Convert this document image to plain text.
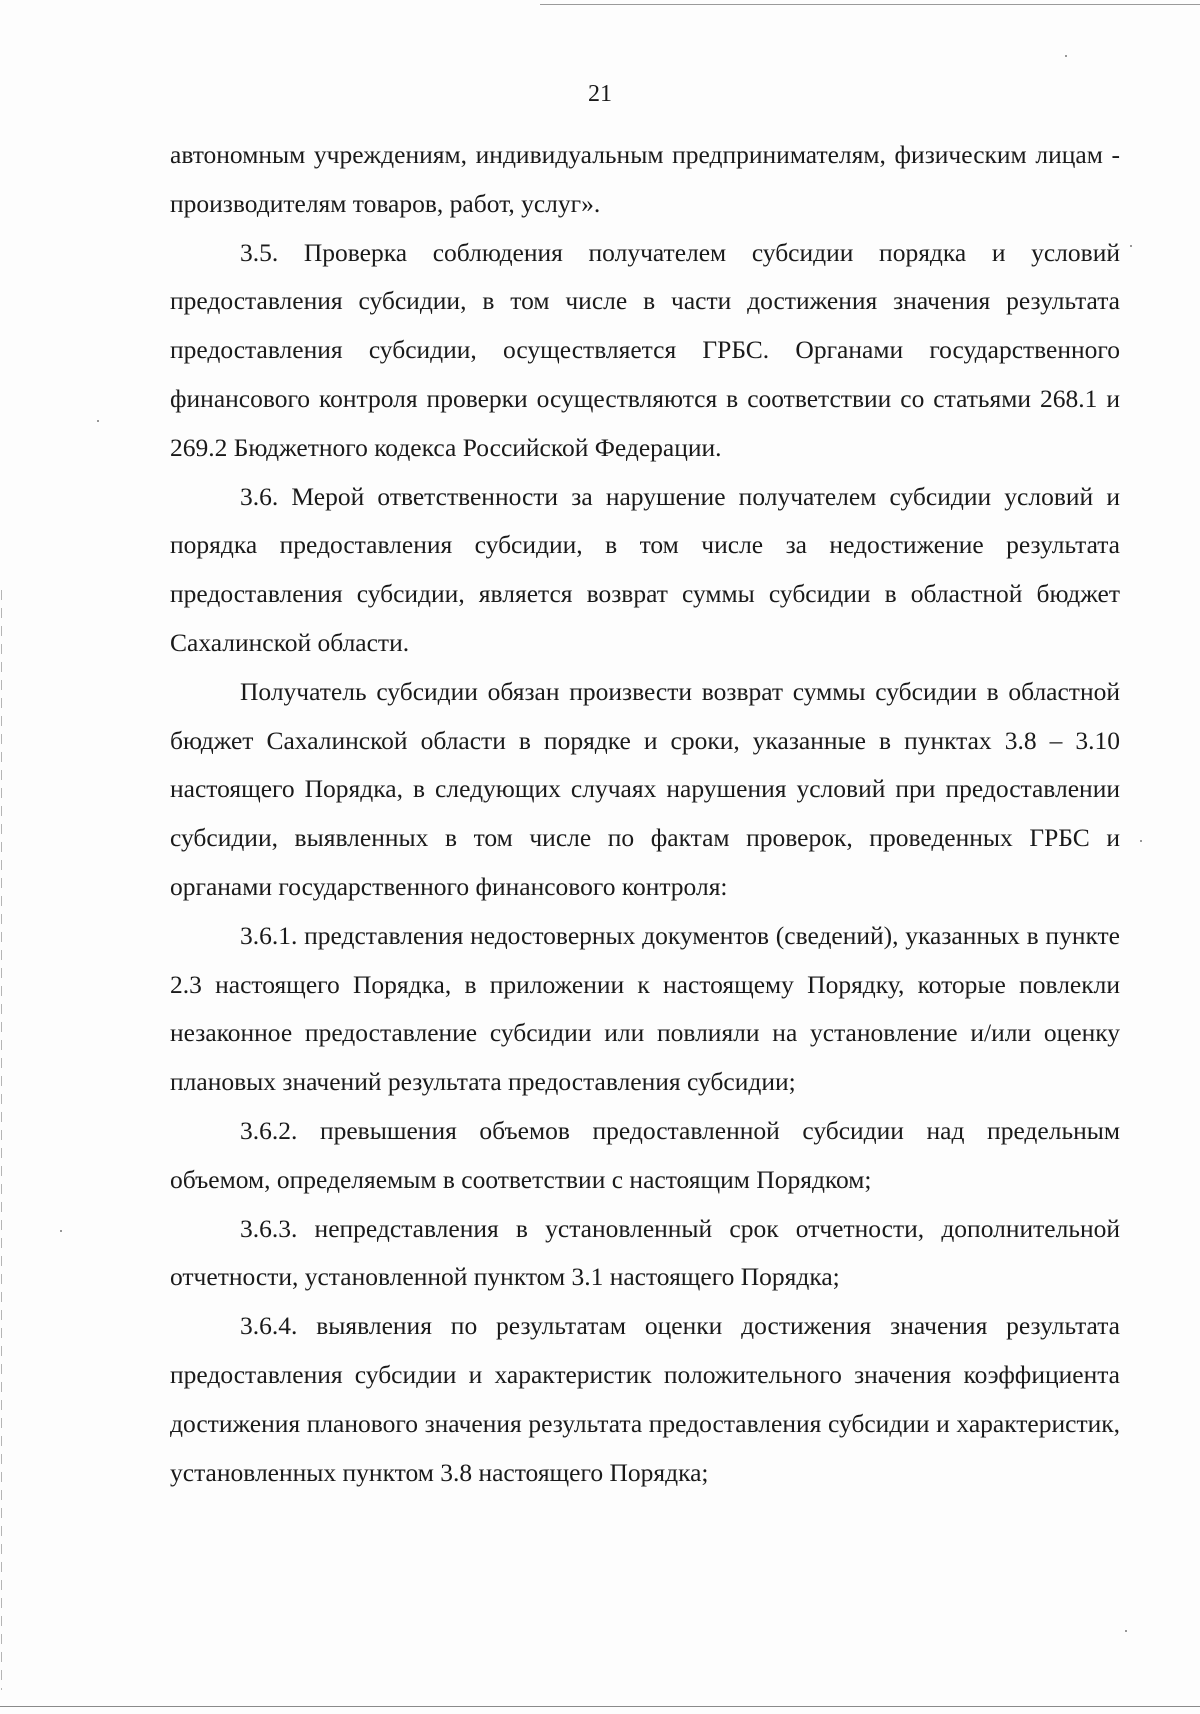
21

автономным учреждениям, индивидуальным предпринимателям, физическим лицам - производителям товаров, работ, услуг».

3.5. Проверка соблюдения получателем субсидии порядка и условий предоставления субсидии, в том числе в части достижения значения результата предоставления субсидии, осуществляется ГРБС. Органами государственного финансового контроля проверки осуществляются в соответствии со статьями 268.1 и 269.2 Бюджетного кодекса Российской Федерации.

3.6. Мерой ответственности за нарушение получателем субсидии условий и порядка предоставления субсидии, в том числе за недостижение результата предоставления субсидии, является возврат суммы субсидии в областной бюджет Сахалинской области.

Получатель субсидии обязан произвести возврат суммы субсидии в областной бюджет Сахалинской области в порядке и сроки, указанные в пунктах 3.8 – 3.10 настоящего Порядка, в следующих случаях нарушения условий при предоставлении субсидии, выявленных в том числе по фактам проверок, проведенных ГРБС и органами государственного финансового контроля:

3.6.1. представления недостоверных документов (сведений), указанных в пункте 2.3 настоящего Порядка, в приложении к настоящему Порядку, которые повлекли незаконное предоставление субсидии или повлияли на установление и/или оценку плановых значений результата предоставления субсидии;

3.6.2. превышения объемов предоставленной субсидии над предельным объемом, определяемым в соответствии с настоящим Порядком;

3.6.3. непредставления в установленный срок отчетности, дополнительной отчетности, установленной пунктом 3.1 настоящего Порядка;

3.6.4. выявления по результатам оценки достижения значения результата предоставления субсидии и характеристик положительного значения коэффициента достижения планового значения результата предоставления субсидии и характеристик, установленных пунктом 3.8 настоящего Порядка;
